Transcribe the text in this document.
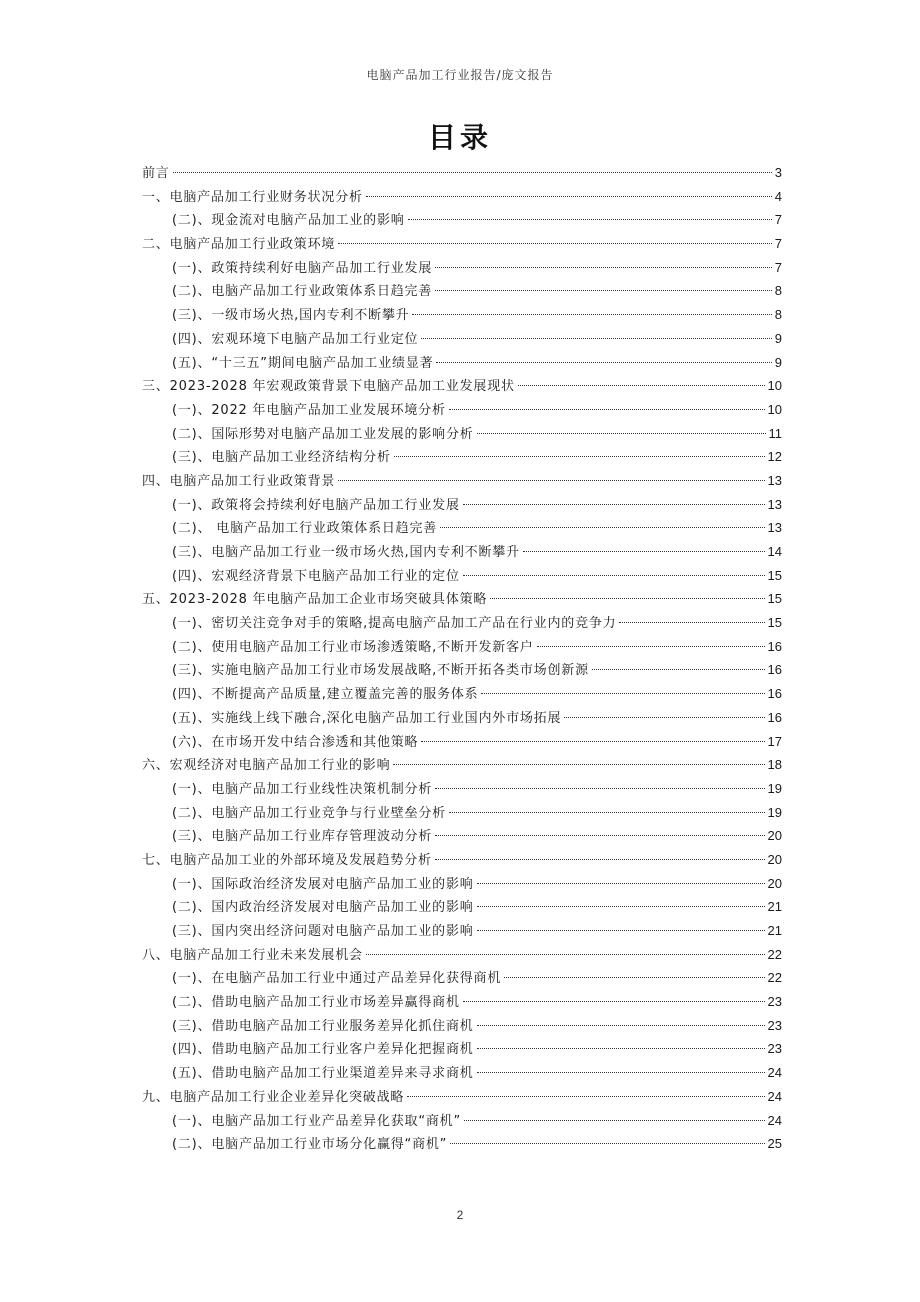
电脑产品加工行业报告/庞文报告
目录
前言	3
一、电脑产品加工行业财务状况分析	4
(二)、现金流对电脑产品加工业的影响	7
二、电脑产品加工行业政策环境	7
(一)、政策持续利好电脑产品加工行业发展	7
(二)、电脑产品加工行业政策体系日趋完善	8
(三)、一级市场火热,国内专利不断攀升	8
(四)、宏观环境下电脑产品加工行业定位	9
(五)、“十三五”期间电脑产品加工业绩显著	9
三、2023-2028 年宏观政策背景下电脑产品加工业发展现状	10
(一)、2022 年电脑产品加工业发展环境分析	10
(二)、国际形势对电脑产品加工业发展的影响分析	11
(三)、电脑产品加工业经济结构分析	12
四、电脑产品加工行业政策背景	13
(一)、政策将会持续利好电脑产品加工行业发展	13
(二)、 电脑产品加工行业政策体系日趋完善	13
(三)、电脑产品加工行业一级市场火热,国内专利不断攀升	14
(四)、宏观经济背景下电脑产品加工行业的定位	15
五、2023-2028 年电脑产品加工企业市场突破具体策略	15
(一)、密切关注竞争对手的策略,提高电脑产品加工产品在行业内的竞争力	15
(二)、使用电脑产品加工行业市场渗透策略,不断开发新客户	16
(三)、实施电脑产品加工行业市场发展战略,不断开拓各类市场创新源	16
(四)、不断提高产品质量,建立覆盖完善的服务体系	16
(五)、实施线上线下融合,深化电脑产品加工行业国内外市场拓展	16
(六)、在市场开发中结合渗透和其他策略	17
六、宏观经济对电脑产品加工行业的影响	18
(一)、电脑产品加工行业线性决策机制分析	19
(二)、电脑产品加工行业竞争与行业壁垒分析	19
(三)、电脑产品加工行业库存管理波动分析	20
七、电脑产品加工业的外部环境及发展趋势分析	20
(一)、国际政治经济发展对电脑产品加工业的影响	20
(二)、国内政治经济发展对电脑产品加工业的影响	21
(三)、国内突出经济问题对电脑产品加工业的影响	21
八、电脑产品加工行业未来发展机会	22
(一)、在电脑产品加工行业中通过产品差异化获得商机	22
(二)、借助电脑产品加工行业市场差异赢得商机	23
(三)、借助电脑产品加工行业服务差异化抓住商机	23
(四)、借助电脑产品加工行业客户差异化把握商机	23
(五)、借助电脑产品加工行业渠道差异来寻求商机	24
九、电脑产品加工行业企业差异化突破战略	24
(一)、电脑产品加工行业产品差异化获取“商机”	24
(二)、电脑产品加工行业市场分化赢得“商机”	25
2
